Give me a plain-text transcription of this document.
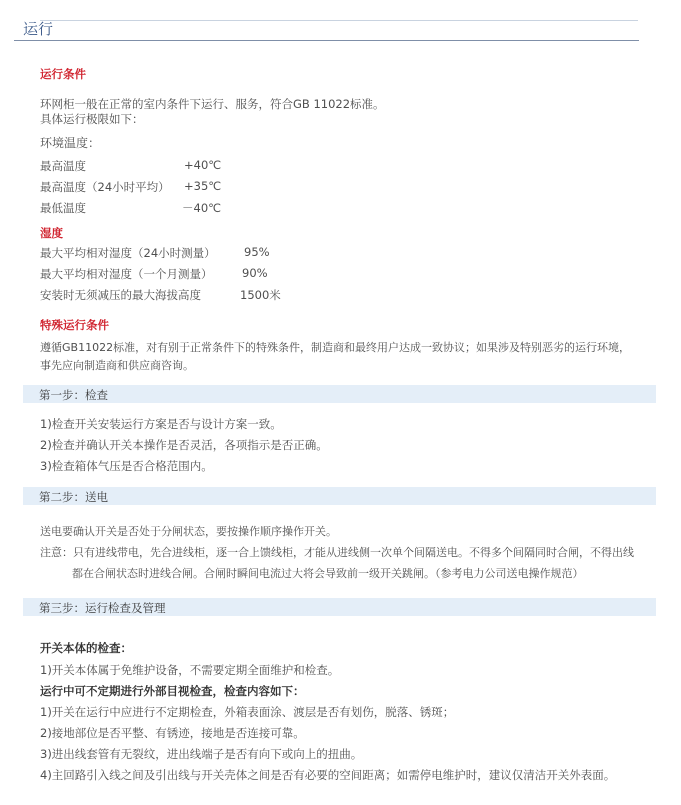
运行
运行条件
环网柜一般在正常的室内条件下运行、服务，符合GB 11022标准。
具体运行极限如下：
环境温度：
最高温度	+40℃
最高温度（24小时平均） +35℃
最低温度	－40℃
湿度
最大平均相对湿度（24小时测量） 95%
最大平均相对湿度（一个月测量）	90%
安装时无须减压的最大海拔高度	1500米
特殊运行条件
遵循GB11022标准，对有别于正常条件下的特殊条件，制造商和最终用户达成一致协议；如果涉及特别恶劣的运行环境，
事先应向制造商和供应商咨询。
第一步：检查
1)检查开关安装运行方案是否与设计方案一致。
2)检查并确认开关本操作是否灵活，各项指示是否正确。
3)检查箱体气压是否合格范围内。
第二步：送电
送电要确认开关是否处于分闸状态，要按操作顺序操作开关。
注意：只有进线带电，先合进线柜，逐一合上馈线柜，才能从进线侧一次单个间隔送电。不得多个间隔同时合闸，不得出线
都在合闸状态时进线合闸。合闸时瞬间电流过大将会导致前一级开关跳闸。（参考电力公司送电操作规范）
第三步：运行检查及管理
开关本体的检查：
1)开关本体属于免维护设备，不需要定期全面维护和检查。
运行中可不定期进行外部目视检查，检查内容如下：
1)开关在运行中应进行不定期检查，外箱表面涂、渡层是否有划伤，脱落、锈斑；
2)接地部位是否平整、有锈迹，接地是否连接可靠。
3)进出线套管有无裂纹，进出线端子是否有向下或向上的扭曲。
4)主回路引入线之间及引出线与开关壳体之间是否有必要的空间距离；如需停电维护时，建议仅清洁开关外表面。
